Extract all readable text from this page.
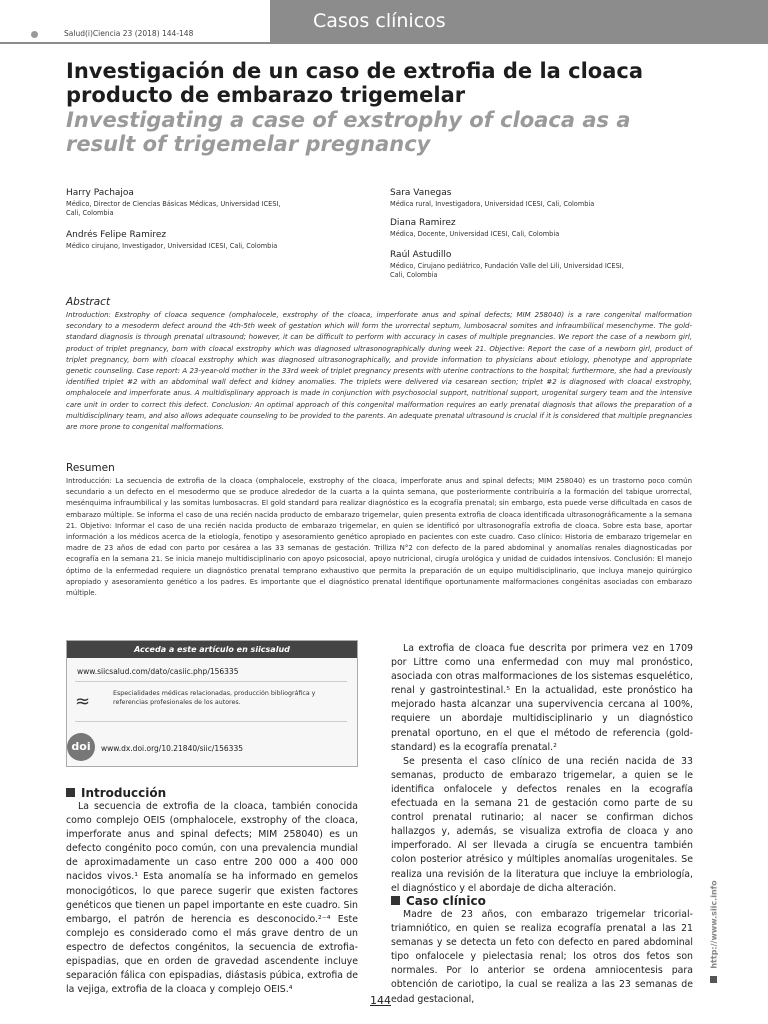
Casos clínicos
Salud(i)Ciencia 23 (2018) 144-148
Investigación de un caso de extrofia de la cloaca producto de embarazo trigemelar
Investigating a case of exstrophy of cloaca as a result of trigemelar pregnancy
Harry Pachajoa
Médico, Director de Ciencias Básicas Médicas, Universidad ICESI, Cali, Colombia
Andrés Felipe Ramirez
Médico cirujano, Investigador, Universidad ICESI, Cali, Colombia
Sara Vanegas
Médica rural, Investigadora, Universidad ICESI, Cali, Colombia
Diana Ramirez
Médica, Docente, Universidad ICESI, Cali, Colombia
Raúl Astudillo
Médico, Cirujano pediátrico, Fundación Valle del Lili, Universidad ICESI, Cali, Colombia
Abstract
Introduction: Exstrophy of cloaca sequence (omphalocele, exstrophy of the cloaca, imperforate anus and spinal defects; MIM 258040) is a rare congenital malformation secondary to a mesoderm defect around the 4th-5th week of gestation which will form the urorrectal septum, lumbosacral somites and infraumbilical mesenchyme. The gold-standard diagnosis is through prenatal ultrasound; however, it can be difficult to perform with accuracy in cases of multiple pregnancies. We report the case of a newborn girl, product of triplet pregnancy, born with cloacal exstrophy which was diagnosed ultrasonographically during week 21. Objective: Report the case of a newborn girl, product of triplet pregnancy, born with cloacal exstrophy which was diagnosed ultrasonographically, and provide information to physicians about etiology, phenotype and appropriate genetic counseling. Case report: A 23-year-old mother in the 33rd week of triplet pregnancy presents with uterine contractions to the hospital; furthermore, she had a previously identified triplet #2 with an abdominal wall defect and kidney anomalies. The triplets were delivered via cesarean section; triplet #2 is diagnosed with cloacal exstrophy, omphalocele and imperforate anus. A multidisplinary approach is made in conjunction with psychosocial support, nutritional support, urogenital surgery team and the intensive care unit in order to correct this defect. Conclusion: An optimal approach of this congenital malformation requires an early prenatal diagnosis that allows the preparation of a multidisciplinary team, and also allows adequate counseling to be provided to the parents. An adequate prenatal ultrasound is crucial if it is considered that multiple pregnancies are more prone to congenital malformations.
Resumen
Introducción: La secuencia de extrofia de la cloaca (omphalocele, exstrophy of the cloaca, imperforate anus and spinal defects; MIM 258040) es un trastorno poco común secundario a un defecto en el mesodermo que se produce alrededor de la cuarta a la quinta semana, que posteriormente contribuiría a la formación del tabique urorrectal, mesénquima infraumbilical y las somitas lumbosacras. El gold standard para realizar diagnóstico es la ecografía prenatal; sin embargo, esta puede verse dificultada en casos de embarazo múltiple. Se informa el caso de una recién nacida producto de embarazo trigemelar, quien presenta extrofia de cloaca identificada ultrasonográficamente a la semana 21. Objetivo: Informar el caso de una recién nacida producto de embarazo trigemelar, en quien se identificó por ultrasonografía extrofia de cloaca. Sobre esta base, aportar información a los médicos acerca de la etiología, fenotipo y asesoramiento genético apropiado en pacientes con este cuadro. Caso clínico: Historia de embarazo trigemelar en madre de 23 años de edad con parto por cesárea a las 33 semanas de gestación. Trilliza N°2 con defecto de la pared abdominal y anomalías renales diagnosticadas por ecografía en la semana 21. Se inicia manejo multidisciplinario con apoyo psicosocial, apoyo nutricional, cirugía urológica y unidad de cuidados intensivos. Conclusión: El manejo óptimo de la enfermedad requiere un diagnóstico prenatal temprano exhaustivo que permita la preparación de un equipo multidisciplinario, que incluya manejo quirúrgico apropiado y asesoramiento genético a los padres. Es importante que el diagnóstico prenatal identifique oportunamente malformaciones congénitas asociadas con embarazo múltiple.
Acceda a este artículo en siicsalud
www.siicsalud.com/dato/casiic.php/156335
≈	Especialidades médicas relacionadas, producción bibliográfica y referencias profesionales de los autores.
doi	www.dx.doi.org/10.21840/siic/156335
Introducción

La secuencia de extrofia de la cloaca, también conocida como complejo OEIS (omphalocele, exstrophy of the cloaca, imperforate anus and spinal defects; MIM 258040) es un defecto congénito poco común, con una prevalencia mundial de aproximadamente un caso entre 200 000 a 400 000 nacidos vivos.¹ Esta anomalía se ha informado en gemelos monocigóticos, lo que parece sugerir que existen factores genéticos que tienen un papel importante en este cuadro. Sin embargo, el patrón de herencia es desconocido.²⁻⁴ Este complejo es considerado como el más grave dentro de un espectro de defectos congénitos, la secuencia de extrofia-epispadias, que en orden de gravedad ascendente incluye separación fálica con epispadias, diástasis púbica, extrofia de la vejiga, extrofia de la cloaca y complejo OEIS.⁴

La extrofia de cloaca fue descrita por primera vez en 1709 por Littre como una enfermedad con muy mal pronóstico, asociada con otras malformaciones de los sistemas esquelético, renal y gastrointestinal.⁵ En la actualidad, este pronóstico ha mejorado hasta alcanzar una supervivencia cercana al 100%, requiere un abordaje multidisciplinario y un diagnóstico prenatal oportuno, en el que el método de referencia (gold-standard) es la ecografía prenatal.²

Se presenta el caso clínico de una recién nacida de 33 semanas, producto de embarazo trigemelar, a quien se le identifica onfalocele y defectos renales en la ecografía efectuada en la semana 21 de gestación como parte de su control prenatal rutinario; al nacer se confirman dichos hallazgos y, además, se visualiza extrofia de cloaca y ano imperforado. Al ser llevada a cirugía se encuentra también colon posterior atrésico y múltiples anomalías urogenitales. Se realiza una revisión de la literatura que incluye la embriología, el diagnóstico y el abordaje de dicha alteración.

Caso clínico

Madre de 23 años, con embarazo trigemelar tricorial-triamniótico, en quien se realiza ecografía prenatal a las 21 semanas y se detecta un feto con defecto en pared abdominal tipo onfalocele y pielectasia renal; los otros dos fetos son normales. Por lo anterior se ordena amniocentesis para obtención de cariotipo, la cual se realiza a las 23 semanas de edad gestacional,

http://www.siic.info
144
